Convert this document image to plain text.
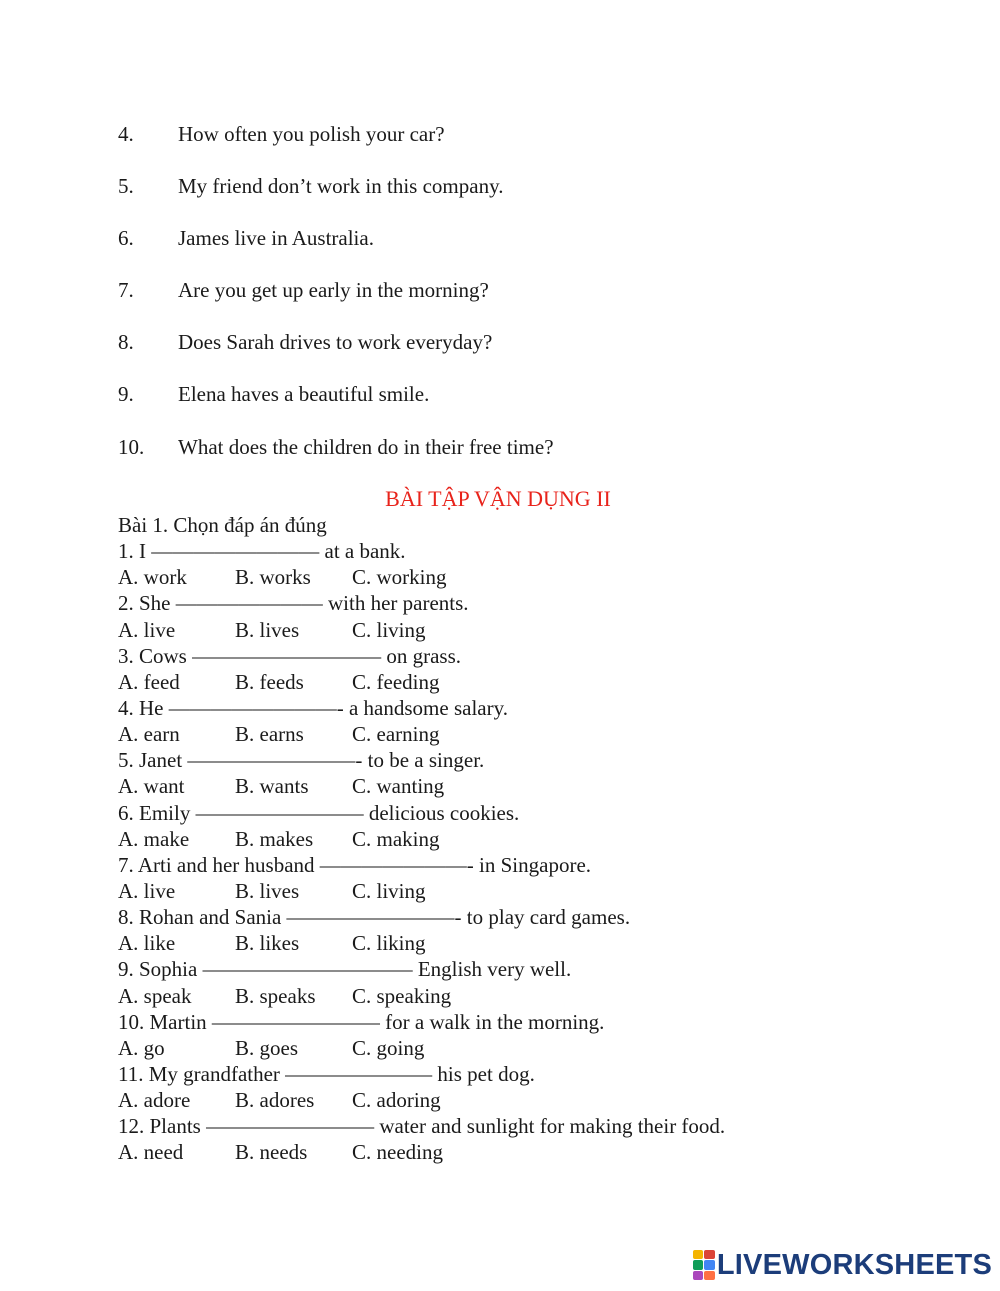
4. How often you polish your car?
5. My friend don’t work in this company.
6. James live in Australia.
7. Are you get up early in the morning?
8. Does Sarah drives to work everyday?
9. Elena haves a beautiful smile.
10. What does the children do in their free time?
BÀI TẬP VẬN DỤNG II
Bài 1. Chọn đáp án đúng
1. I ———————— at a bank.
A. work B. works C. working
2. She ——————— with her parents.
A. live	B. lives	C. living
3. Cows ————————— on grass.
A. feed	B. feeds C. feeding
4. He ————————- a handsome salary.
A. earn	B. earns C. earning
5. Janet ————————- to be a singer.
A. want B. wants C. wanting
6. Emily ———————— delicious cookies.
A. make B. makes C. making
7. Arti and her husband ———————- in Singapore.
A. live	B. lives	C. living
8. Rohan and Sania ————————- to play card games.
A. like	B. likes	C. liking
9. Sophia —————————— English very well.
A. speak B. speaks C. speaking
10. Martin ———————— for a walk in the morning.
A. go	B. goes	C. going
11. My grandfather ——————— his pet dog.
A. adore B. adores C. adoring
12. Plants ———————— water and sunlight for making their food.
A. need B. needs C. needing
LIVEWORKSHEETS
